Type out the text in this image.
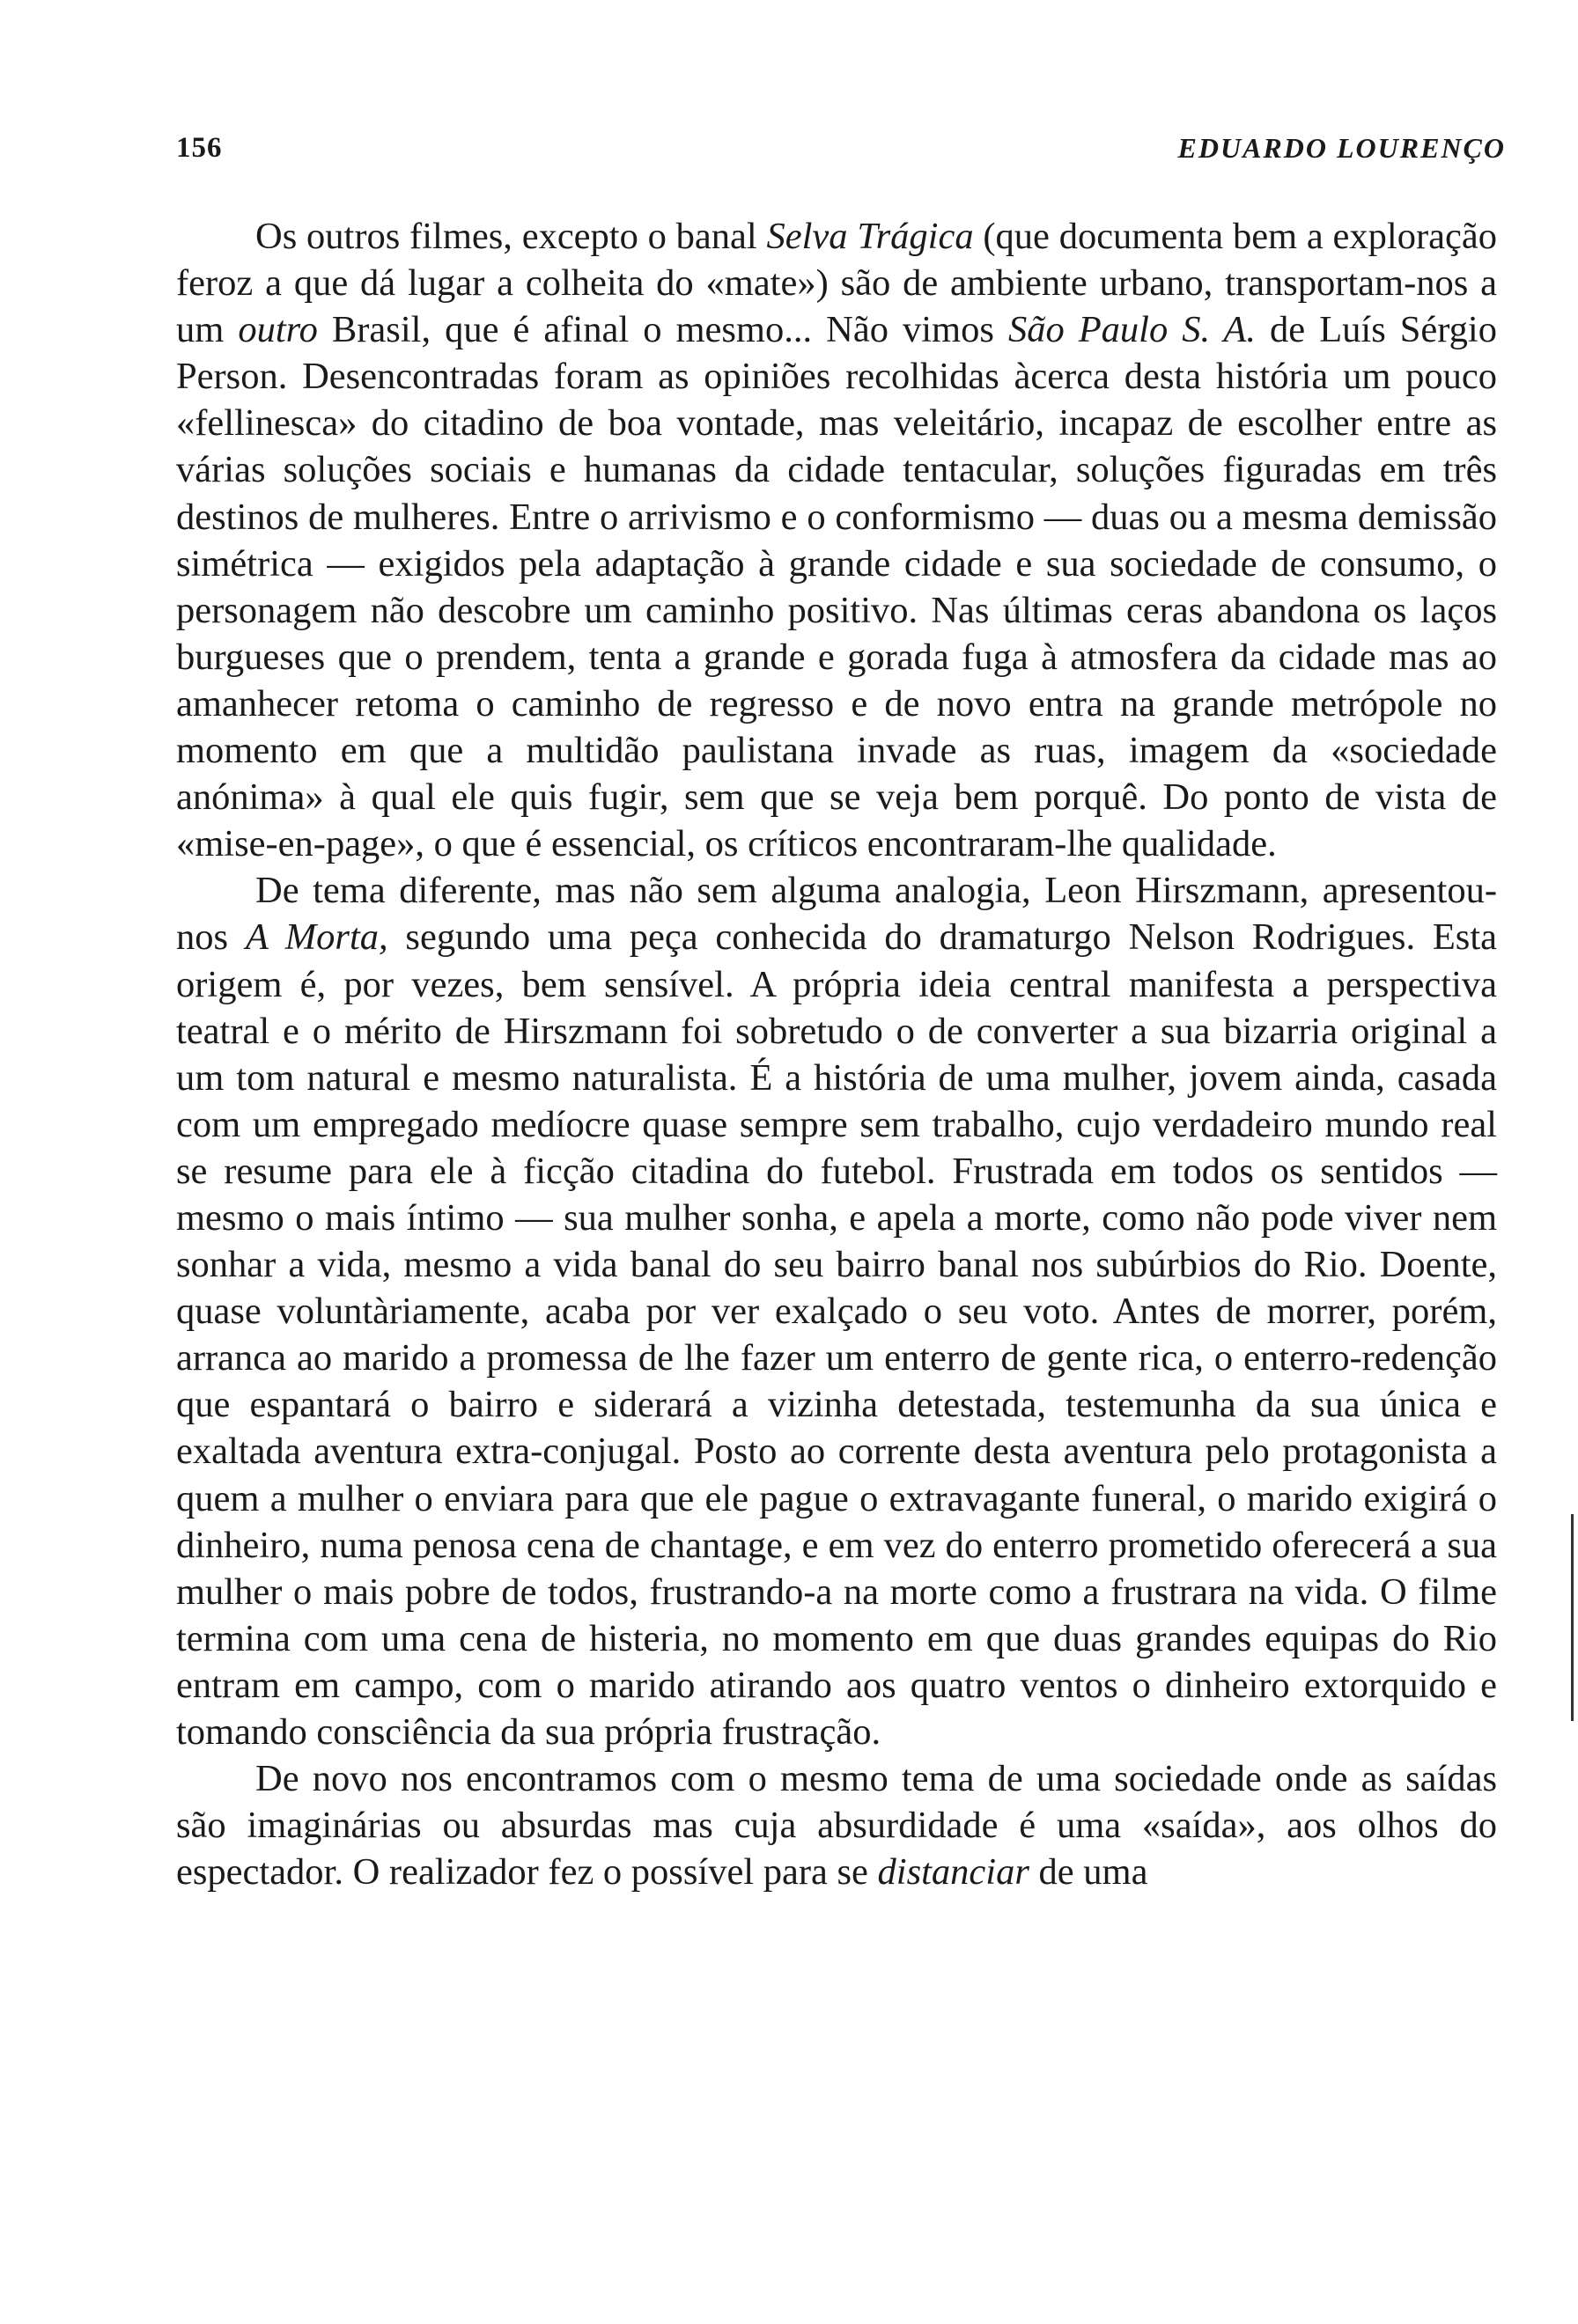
156	EDUARDO LOURENÇO

Os outros filmes, excepto o banal Selva Trágica (que documenta bem a exploração feroz a que dá lugar a colheita do «mate») são de ambiente urbano, transportam-nos a um outro Brasil, que é afinal o mesmo... Não vimos São Paulo S. A. de Luís Sérgio Person. Desencontradas foram as opiniões recolhidas àcerca desta história um pouco «fellinesca» do citadino de boa vontade, mas veleitário, incapaz de escolher entre as várias soluções sociais e humanas da cidade tentacular, soluções figuradas em três destinos de mulheres. Entre o arrivismo e o conformismo — duas ou a mesma demissão simétrica — exigidos pela adaptação à grande cidade e sua sociedade de consumo, o personagem não descobre um caminho positivo. Nas últimas ceras abandona os laços burgueses que o prendem, tenta a grande e gorada fuga à atmosfera da cidade mas ao amanhecer retoma o caminho de regresso e de novo entra na grande metrópole no momento em que a multidão paulistana invade as ruas, imagem da «sociedade anónima» à qual ele quis fugir, sem que se veja bem porquê. Do ponto de vista de «mise-en-page», o que é essencial, os críticos encontraram-lhe qualidade.

De tema diferente, mas não sem alguma analogia, Leon Hirszmann, apresentou-nos A Morta, segundo uma peça conhecida do dramaturgo Nelson Rodrigues. Esta origem é, por vezes, bem sensível. A própria ideia central manifesta a perspectiva teatral e o mérito de Hirszmann foi sobretudo o de converter a sua bizarria original a um tom natural e mesmo naturalista. É a história de uma mulher, jovem ainda, casada com um empregado medíocre quase sempre sem trabalho, cujo verdadeiro mundo real se resume para ele à ficção citadina do futebol. Frustrada em todos os sentidos — mesmo o mais íntimo — sua mulher sonha, e apela a morte, como não pode viver nem sonhar a vida, mesmo a vida banal do seu bairro banal nos subúrbios do Rio. Doente, quase voluntàriamente, acaba por ver exalçado o seu voto. Antes de morrer, porém, arranca ao marido a promessa de lhe fazer um enterro de gente rica, o enterro-redenção que espantará o bairro e siderará a vizinha detestada, testemunha da sua única e exaltada aventura extra-conjugal. Posto ao corrente desta aventura pelo protagonista a quem a mulher o enviara para que ele pague o extravagante funeral, o marido exigirá o dinheiro, numa penosa cena de chantage, e em vez do enterro prometido oferecerá a sua mulher o mais pobre de todos, frustrando-a na morte como a frustrara na vida. O filme termina com uma cena de histeria, no momento em que duas grandes equipas do Rio entram em campo, com o marido atirando aos quatro ventos o dinheiro extorquido e tomando consciência da sua própria frustração.

De novo nos encontramos com o mesmo tema de uma sociedade onde as saídas são imaginárias ou absurdas mas cuja absurdidade é uma «saída», aos olhos do espectador. O realizador fez o possível para se distanciar de uma
